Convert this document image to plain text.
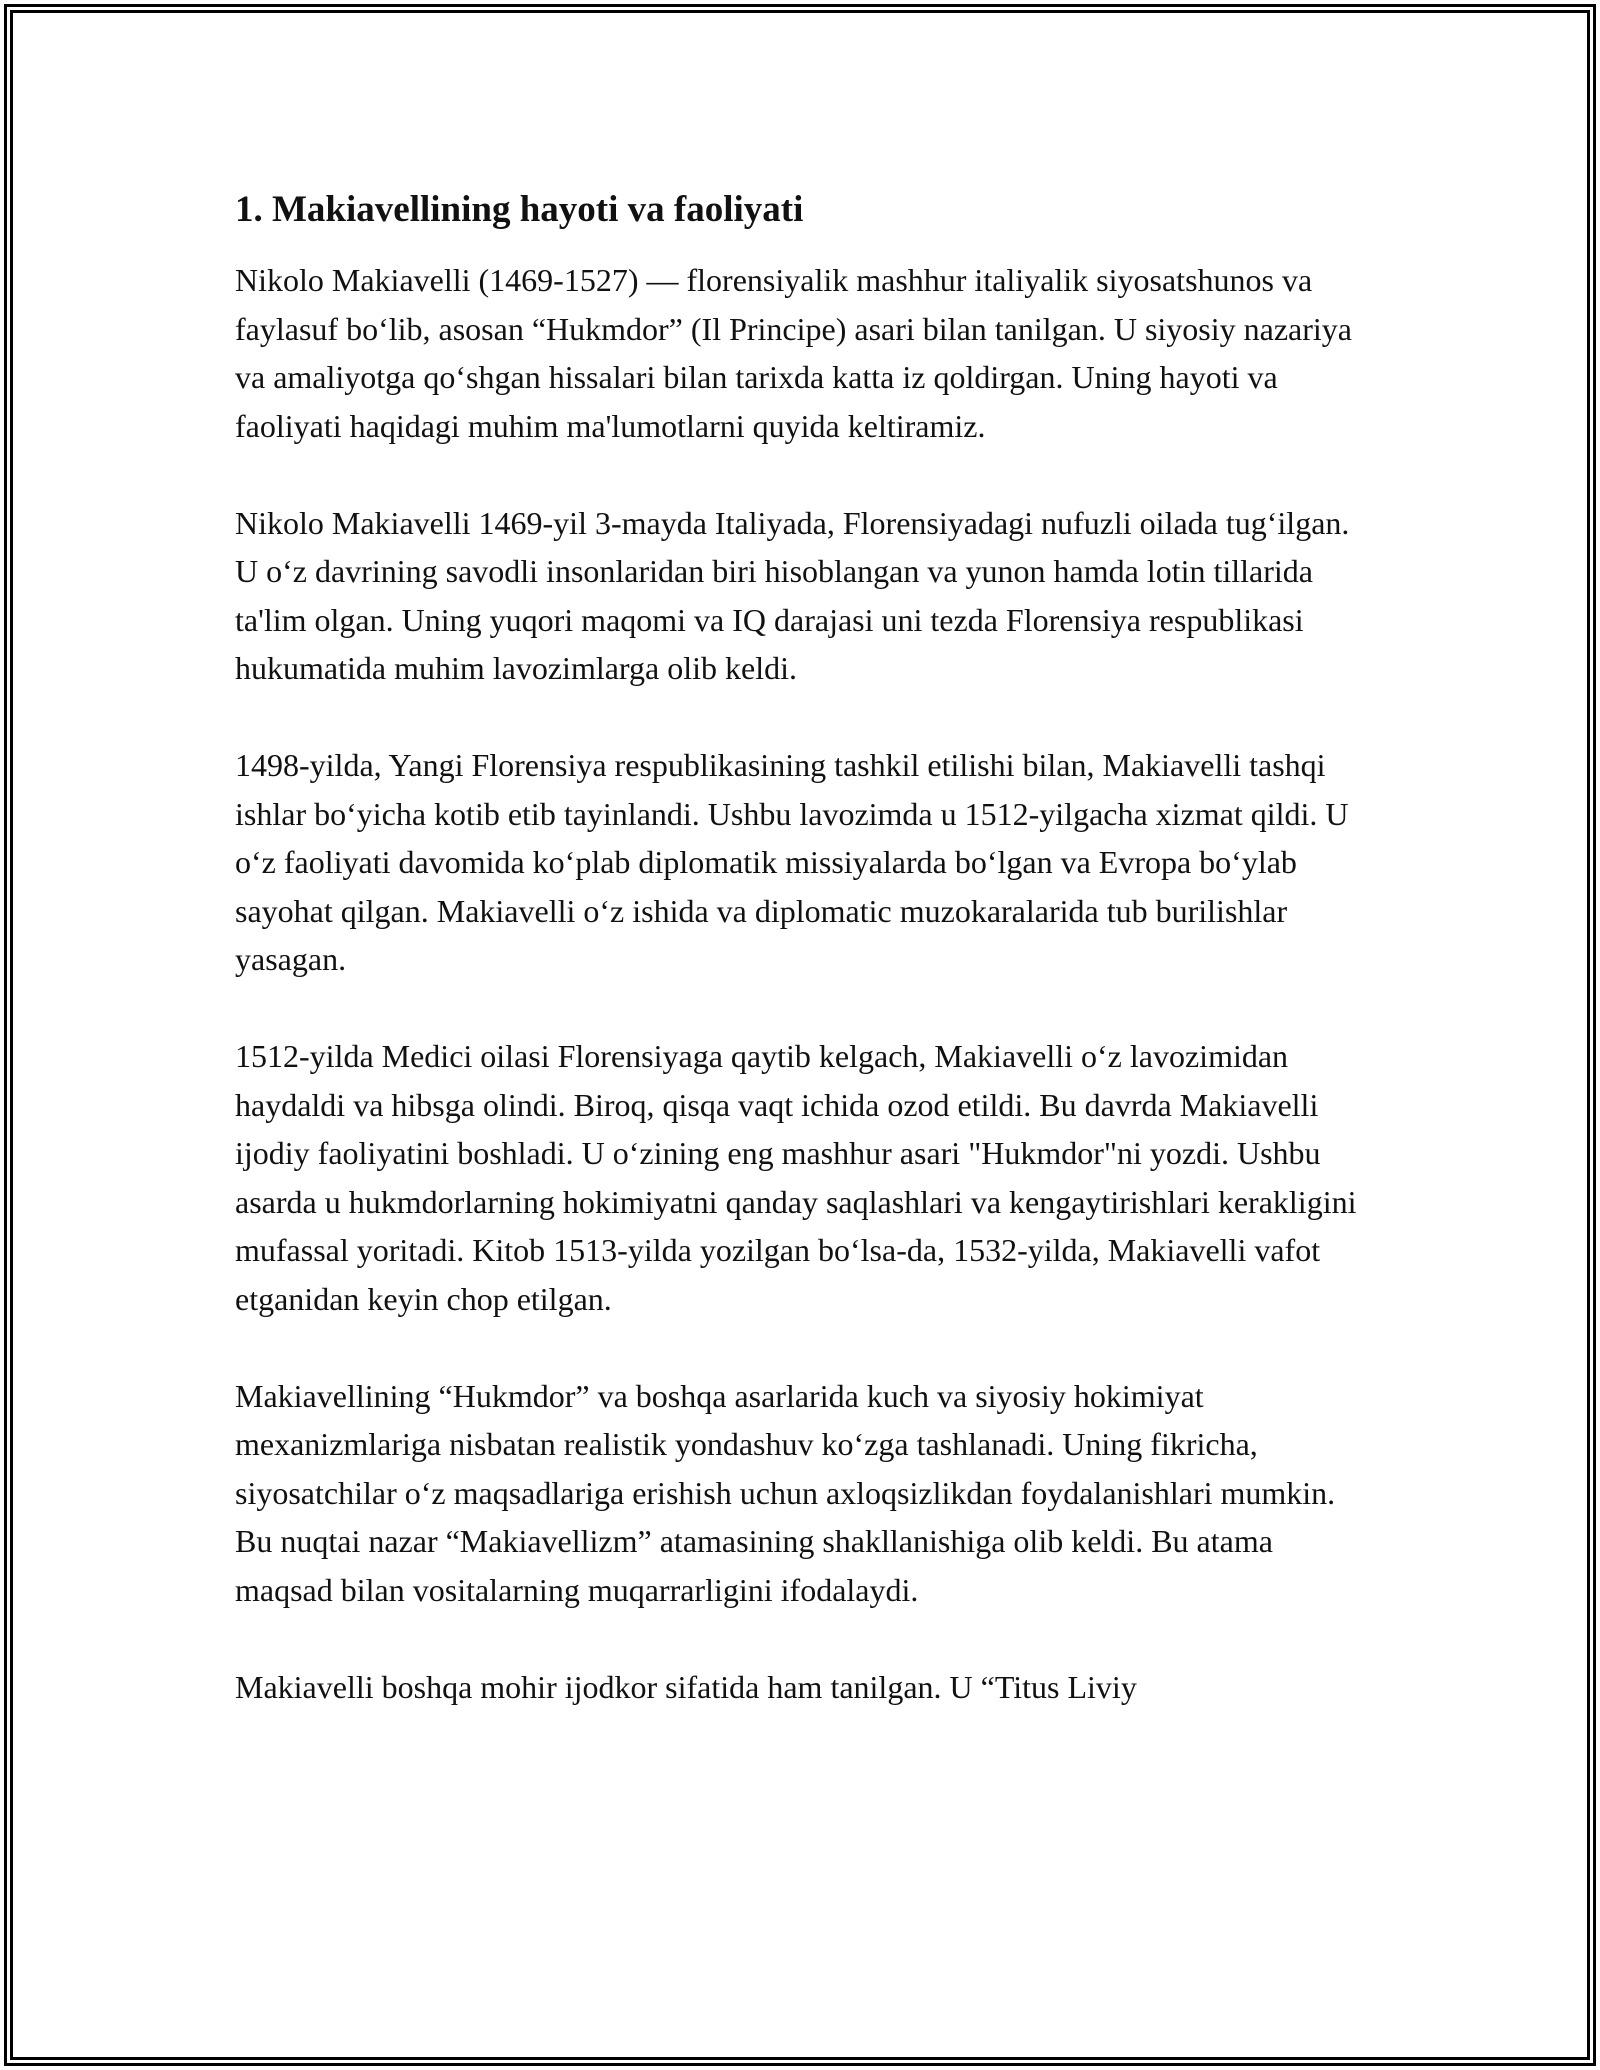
1. Makiavellining hayoti va faoliyati

Nikolo Makiavelli (1469-1527) — florensiyalik mashhur italiyalik siyosatshunos va faylasuf bo‘lib, asosan “Hukmdor” (Il Principe) asari bilan tanilgan. U siyosiy nazariya va amaliyotga qo‘shgan hissalari bilan tarixda katta iz qoldirgan. Uning hayoti va faoliyati haqidagi muhim ma'lumotlarni quyida keltiramiz.

Nikolo Makiavelli 1469-yil 3-mayda Italiyada, Florensiyadagi nufuzli oilada tug‘ilgan. U o‘z davrining savodli insonlaridan biri hisoblangan va yunon hamda lotin tillarida ta'lim olgan. Uning yuqori maqomi va IQ darajasi uni tezda Florensiya respublikasi hukumatida muhim lavozimlarga olib keldi.

1498-yilda, Yangi Florensiya respublikasining tashkil etilishi bilan, Makiavelli tashqi ishlar bo‘yicha kotib etib tayinlandi. Ushbu lavozimda u 1512-yilgacha xizmat qildi. U o‘z faoliyati davomida ko‘plab diplomatik missiyalarda bo‘lgan va Evropa bo‘ylab sayohat qilgan. Makiavelli o‘z ishida va diplomatic muzokaralarida tub burilishlar yasagan.

1512-yilda Medici oilasi Florensiyaga qaytib kelgach, Makiavelli o‘z lavozimidan haydaldi va hibsga olindi. Biroq, qisqa vaqt ichida ozod etildi. Bu davrda Makiavelli ijodiy faoliyatini boshladi. U o‘zining eng mashhur asari "Hukmdor"ni yozdi. Ushbu asarda u hukmdorlarning hokimiyatni qanday saqlashlari va kengaytirishlari kerakligini mufassal yoritadi. Kitob 1513-yilda yozilgan bo‘lsa-da, 1532-yilda, Makiavelli vafot etganidan keyin chop etilgan.

Makiavellining “Hukmdor” va boshqa asarlarida kuch va siyosiy hokimiyat mexanizmlariga nisbatan realistik yondashuv ko‘zga tashlanadi. Uning fikricha, siyosatchilar o‘z maqsadlariga erishish uchun axloqsizlikdan foydalanishlari mumkin. Bu nuqtai nazar “Makiavellizm” atamasining shakllanishiga olib keldi. Bu atama maqsad bilan vositalarning muqarrarligini ifodalaydi.

Makiavelli boshqa mohir ijodkor sifatida ham tanilgan. U “Titus Liviy
